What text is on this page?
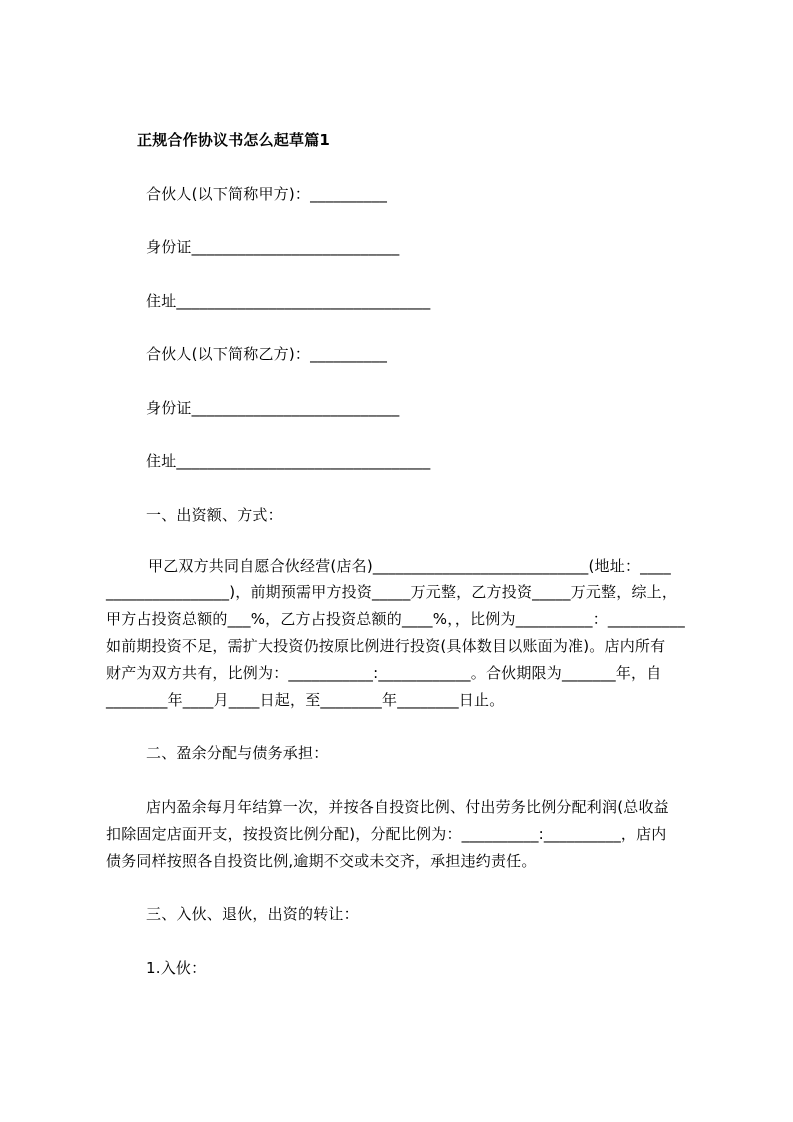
正规合作协议书怎么起草篇1
合伙人(以下简称甲方)：__________
身份证___________________________
住址_________________________________
合伙人(以下简称乙方)：__________
身份证___________________________
住址_________________________________
一、出资额、方式：
甲乙双方共同自愿合伙经营(店名)____________________________(地址：____
________________)，前期预需甲方投资_____万元整，乙方投资_____万元整，综上，
甲方占投资总额的___%，乙方占投资总额的____%，，比例为__________：__________
如前期投资不足，需扩大投资仍按原比例进行投资(具体数目以账面为准)。店内所有
财产为双方共有，比例为：___________:____________。合伙期限为_______年，自
________年____月____日起，至________年________日止。
二、盈余分配与债务承担：
店内盈余每月年结算一次，并按各自投资比例、付出劳务比例分配利润(总收益
扣除固定店面开支，按投资比例分配)，分配比例为：__________:__________，店内
债务同样按照各自投资比例,逾期不交或未交齐，承担违约责任。
三、入伙、退伙，出资的转让：
1.入伙：
